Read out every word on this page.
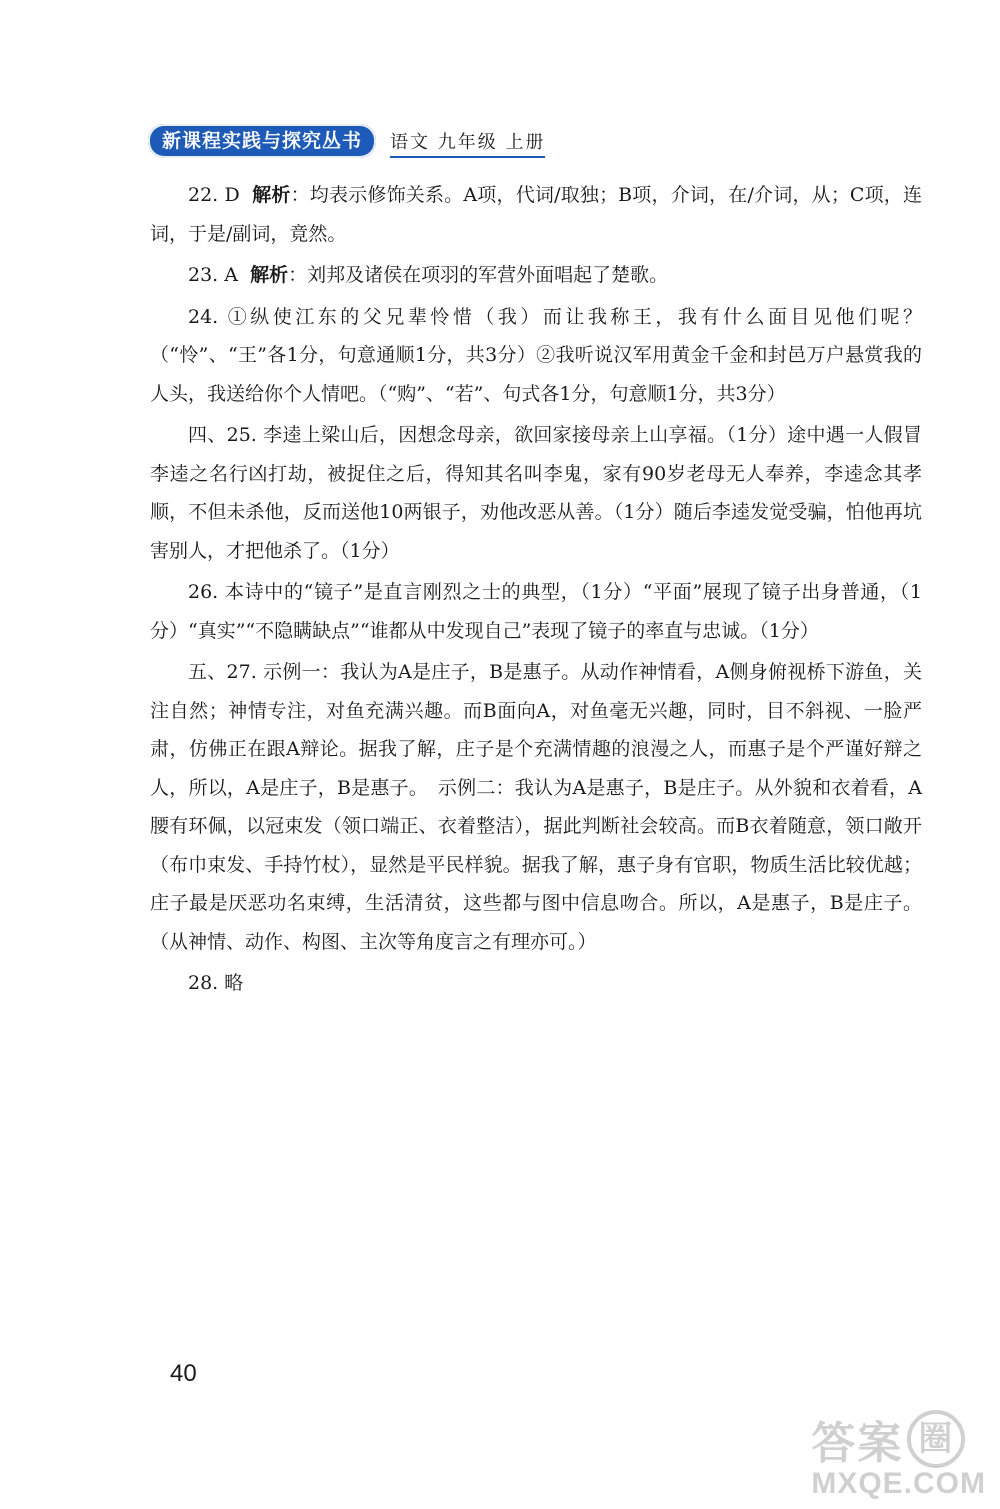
新课程实践与探究丛书	语文 九年级 上册

22. D 解析：均表示修饰关系。A项，代词/取独；B项，介词，在/介词，从；C项，连词，于是/副词，竟然。

23. A 解析：刘邦及诸侯在项羽的军营外面唱起了楚歌。

24. ①纵使江东的父兄辈怜惜（我）而让我称王，我有什么面目见他们呢？（“怜”、“王”各1分，句意通顺1分，共3分）②我听说汉军用黄金千金和封邑万户悬赏我的人头，我送给你个人情吧。（“购”、“若”、句式各1分，句意顺1分，共3分）

四、25. 李逵上梁山后，因想念母亲，欲回家接母亲上山享福。（1分）途中遇一人假冒李逵之名行凶打劫，被捉住之后，得知其名叫李鬼，家有90岁老母无人奉养，李逵念其孝顺，不但未杀他，反而送他10两银子，劝他改恶从善。（1分）随后李逵发觉受骗，怕他再坑害别人，才把他杀了。（1分）

26. 本诗中的“镜子”是直言刚烈之士的典型，（1分）“平面”展现了镜子出身普通，（1分）“真实”“不隐瞒缺点”“谁都从中发现自己”表现了镜子的率直与忠诚。（1分）

五、27. 示例一：我认为A是庄子，B是惠子。从动作神情看，A侧身俯视桥下游鱼，关注自然；神情专注，对鱼充满兴趣。而B面向A，对鱼毫无兴趣，同时，目不斜视、一脸严肃，仿佛正在跟A辩论。据我了解，庄子是个充满情趣的浪漫之人，而惠子是个严谨好辩之人，所以，A是庄子，B是惠子。　示例二：我认为A是惠子，B是庄子。从外貌和衣着看，A腰有环佩，以冠束发（领口端正、衣着整洁），据此判断社会较高。而B衣着随意，领口敞开（布巾束发、手持竹杖），显然是平民样貌。据我了解，惠子身有官职，物质生活比较优越；庄子最是厌恶功名束缚，生活清贫，这些都与图中信息吻合。所以，A是惠子，B是庄子。（从神情、动作、构图、主次等角度言之有理亦可。）

28. 略

40
答案 圈
MXQE.COM
